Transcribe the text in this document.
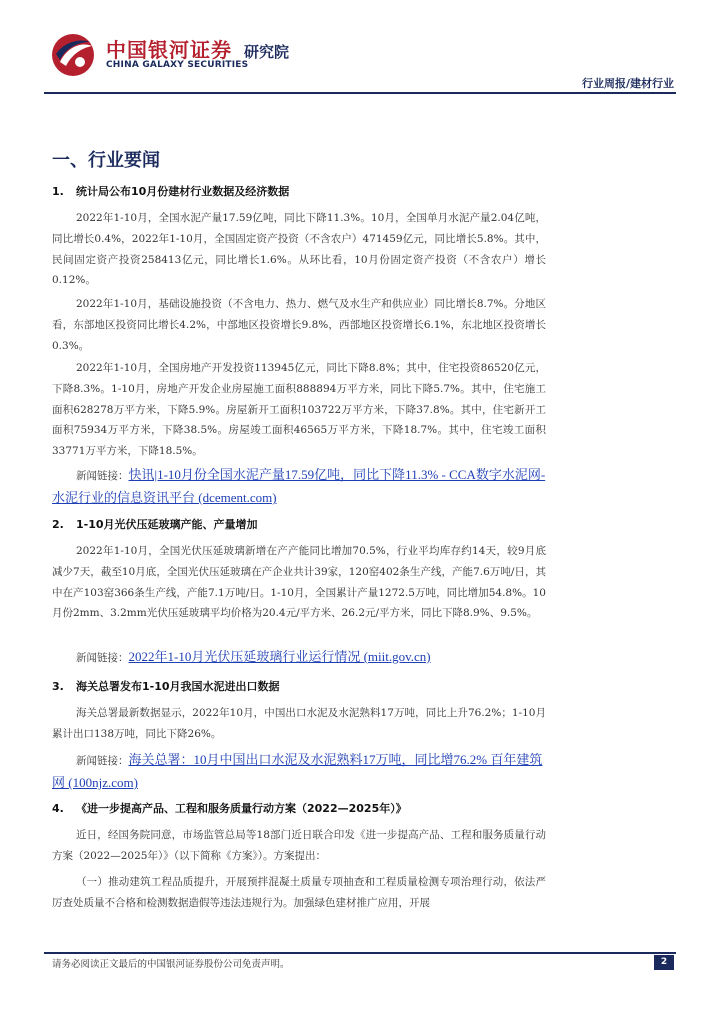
中国银河证券
CHINA GALAXY SECURITIES
研究院
行业周报/建材行业
一、行业要闻
1. 统计局公布10月份建材行业数据及经济数据
2022年1-10月，全国水泥产量17.59亿吨，同比下降11.3%。10月，全国单月水泥产量2.04亿吨，同比增长0.4%，2022年1-10月，全国固定资产投资（不含农户）471459亿元，同比增长5.8%。其中，民间固定资产投资258413亿元，同比增长1.6%。从环比看，10月份固定资产投资（不含农户）增长0.12%。
2022年1-10月，基础设施投资（不含电力、热力、燃气及水生产和供应业）同比增长8.7%。分地区看，东部地区投资同比增长4.2%，中部地区投资增长9.8%，西部地区投资增长6.1%，东北地区投资增长0.3%。
2022年1-10月，全国房地产开发投资113945亿元，同比下降8.8%；其中，住宅投资86520亿元，下降8.3%。1-10月，房地产开发企业房屋施工面积888894万平方米，同比下降5.7%。其中，住宅施工面积628278万平方米，下降5.9%。房屋新开工面积103722万平方米，下降37.8%。其中，住宅新开工面积75934万平方米，下降38.5%。房屋竣工面积46565万平方米，下降18.7%。其中，住宅竣工面积33771万平方米，下降18.5%。
新闻链接：快讯|1-10月份全国水泥产量17.59亿吨，同比下降11.3% - CCA数字水泥网-水泥行业的信息资讯平台 (dcement.com)
2. 1-10月光伏压延玻璃产能、产量增加
2022年1-10月，全国光伏压延玻璃新增在产产能同比增加70.5%，行业平均库存约14天，较9月底减少7天，截至10月底，全国光伏压延玻璃在产企业共计39家，120窑402条生产线，产能7.6万吨/日，其中在产103窑366条生产线，产能7.1万吨/日。1-10月，全国累计产量1272.5万吨，同比增加54.8%。10月份2mm、3.2mm光伏压延玻璃平均价格为20.4元/平方米、26.2元/平方米，同比下降8.9%、9.5%。
新闻链接：2022年1-10月光伏压延玻璃行业运行情况 (miit.gov.cn)
3. 海关总署发布1-10月我国水泥进出口数据
海关总署最新数据显示，2022年10月，中国出口水泥及水泥熟料17万吨，同比上升76.2%；1-10月累计出口138万吨，同比下降26%。
新闻链接：海关总署：10月中国出口水泥及水泥熟料17万吨，同比增76.2% 百年建筑网 (100njz.com)
4. 《进一步提高产品、工程和服务质量行动方案（2022—2025年）》
近日，经国务院同意，市场监管总局等18部门近日联合印发《进一步提高产品、工程和服务质量行动方案（2022—2025年）》（以下简称《方案》）。方案提出：
（一）推动建筑工程品质提升，开展预拌混凝土质量专项抽查和工程质量检测专项治理行动，依法严厉查处质量不合格和检测数据造假等违法违规行为。加强绿色建材推广应用，开展
请务必阅读正文最后的中国银河证券股份公司免责声明。	2
